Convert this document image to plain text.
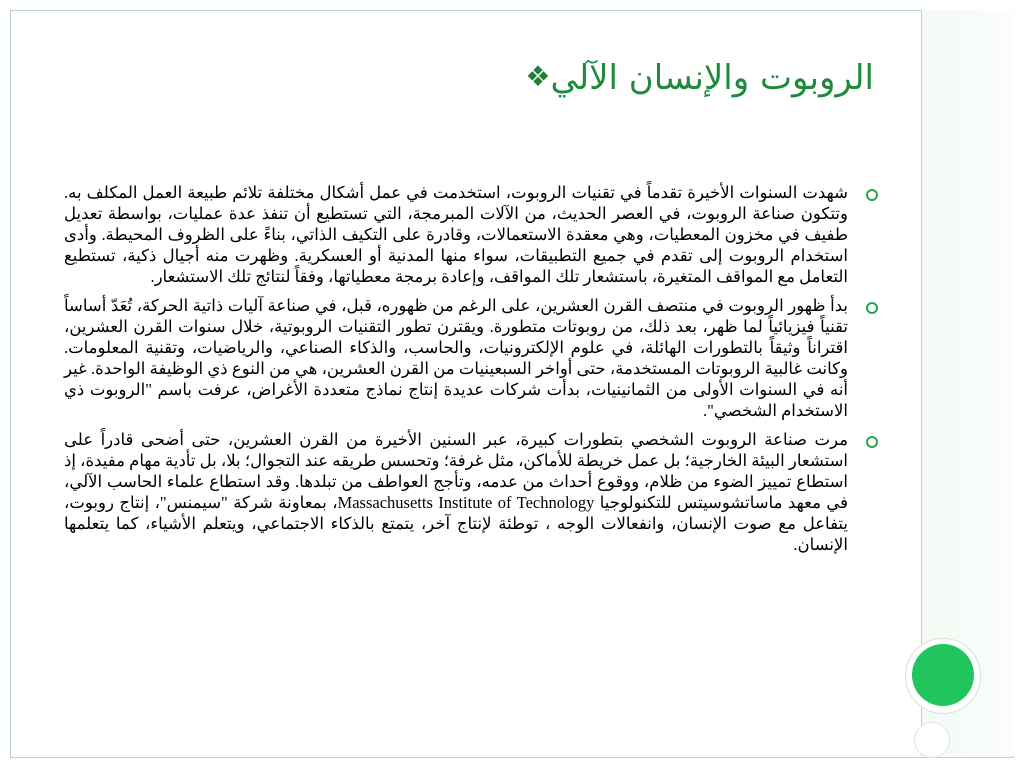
❖ الروبوت والإنسان الآلي
شهدت السنوات الأخيرة تقدماً في تقنيات الروبوت، استخدمت في عمل أشكال مختلفة تلائم طبيعة العمل المكلف به. وتتكون صناعة الروبوت، في العصر الحديث، من الآلات المبرمجة، التي تستطيع أن تنفذ عدة عمليات، بواسطة تعديل طفيف في مخزون المعطيات، وهي معقدة الاستعمالات، وقادرة على التكيف الذاتي، بناءً على الظروف المحيطة. وأدى استخدام الروبوت إلى تقدم في جميع التطبيقات، سواء منها المدنية أو العسكرية. وظهرت منه أجيال ذكية، تستطيع التعامل مع المواقف المتغيرة، باستشعار تلك المواقف، وإعادة برمجة معطياتها، وفقاً لنتائج تلك الاستشعار.
بدأ ظهور الروبوت في منتصف القرن العشرين، على الرغم من ظهوره، قبل، في صناعة آليات ذاتية الحركة، تُعَدّ أساساً تقنياً فيزيائياً لما ظهر، بعد ذلك، من روبوتات متطورة. ويقترن تطور التقنيات الروبوتية، خلال سنوات القرن العشرين، اقتراناً وثيقاً بالتطورات الهائلة، في علوم الإلكترونيات، والحاسب، والذكاء الصناعي، والرياضيات، وتقنية المعلومات. وكانت غالبية الروبوتات المستخدمة، حتى أواخر السبعينيات من القرن العشرين، هي من النوع ذي الوظيفة الواحدة. غير أنه في السنوات الأولى من الثمانينيات، بدأت شركات عديدة إنتاج نماذج متعددة الأغراض، عرفت باسم "الروبوت ذي الاستخدام الشخصي".
مرت صناعة الروبوت الشخصي بتطورات كبيرة، عبر السنين الأخيرة من القرن العشرين، حتى أضحى قادراً على استشعار البيئة الخارجية؛ بل عمل خريطة للأماكن، مثل غرفة؛ وتحسس طريقه عند التجوال؛ بلا، بل تأدية مهام مفيدة، إذ استطاع تمييز الضوء من ظلام، ووقوع أحداث من عدمه، وتأجج العواطف من تبلدها. وقد استطاع علماء الحاسب الآلي، في معهد ماساتشوسيتس للتكنولوجيا Massachusetts Institute of Technology، بمعاونة شركة "سيمنس"، إنتاج روبوت، يتفاعل مع صوت الإنسان، وانفعالات الوجه ، توطئة لإنتاج آخر، يتمتع بالذكاء الاجتماعي، ويتعلم الأشياء، كما يتعلمها الإنسان.
